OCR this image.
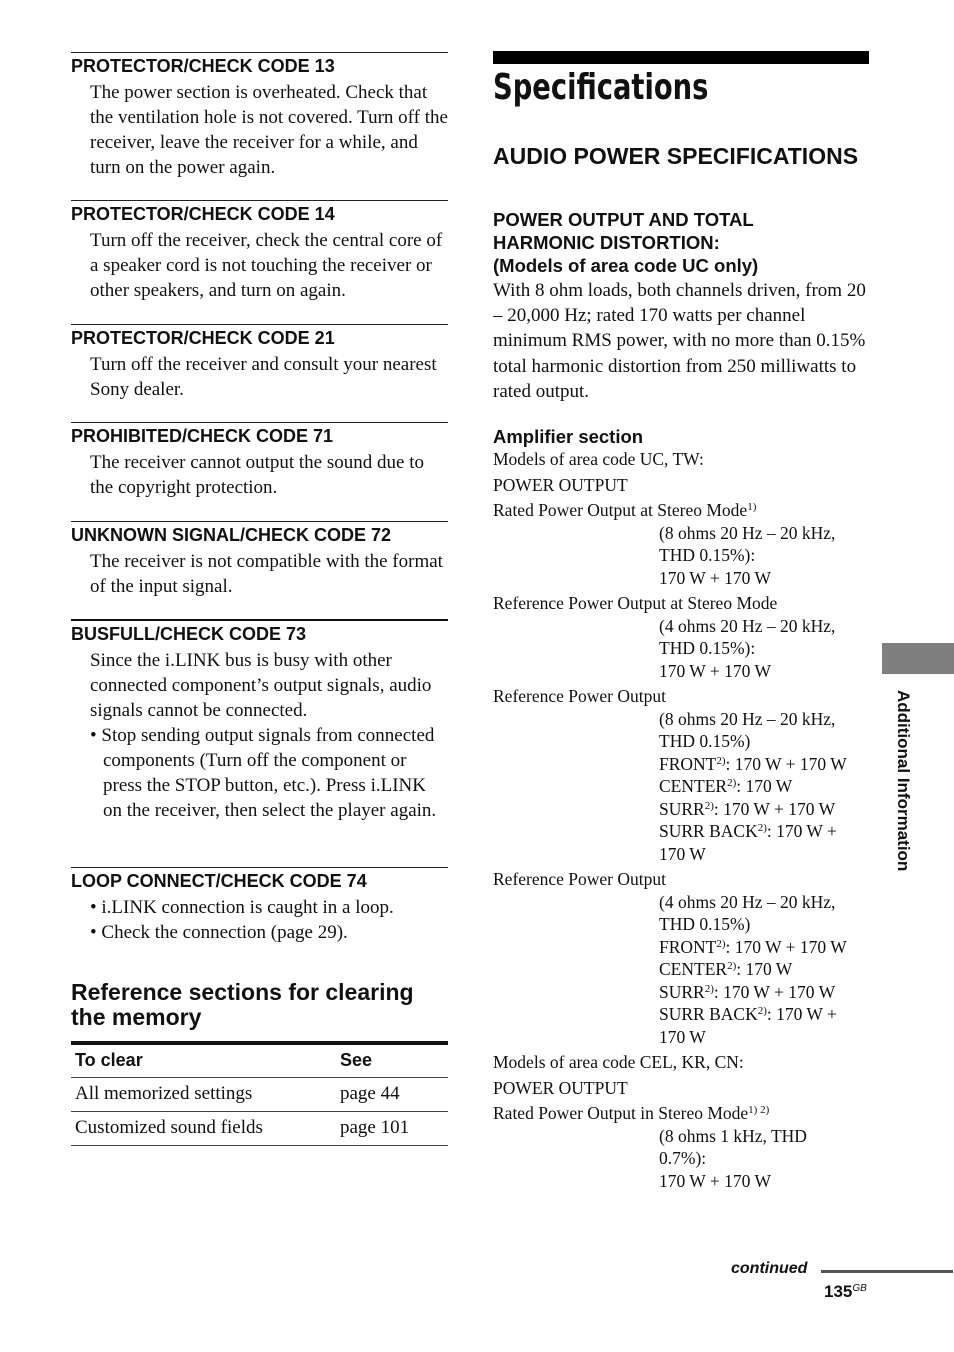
PROTECTOR/CHECK CODE 13
The power section is overheated. Check that the ventilation hole is not covered. Turn off the receiver, leave the receiver for a while, and turn on the power again.
PROTECTOR/CHECK CODE 14
Turn off the receiver, check the central core of a speaker cord is not touching the receiver or other speakers, and turn on again.
PROTECTOR/CHECK CODE 21
Turn off the receiver and consult your nearest Sony dealer.
PROHIBITED/CHECK CODE 71
The receiver cannot output the sound due to the copyright protection.
UNKNOWN SIGNAL/CHECK CODE 72
The receiver is not compatible with the format of the input signal.
BUSFULL/CHECK CODE 73

Since the i.LINK bus is busy with other connected component’s output signals, audio signals cannot be connected.

• Stop sending output signals from connected components (Turn off the component or press the STOP button, etc.). Press i.LINK on the receiver, then select the player again.

LOOP CONNECT/CHECK CODE 74

• i.LINK connection is caught in a loop.

• Check the connection (page 29).

Reference sections for clearing the memory
To clear	See
All memorized settings	page 44
Customized sound fields	page 101
Specifications
AUDIO POWER SPECIFICATIONS
POWER OUTPUT AND TOTAL
HARMONIC DISTORTION:
(Models of area code UC only)
With 8 ohm loads, both channels driven, from 20 – 20,000 Hz; rated 170 watts per channel minimum RMS power, with no more than 0.15% total harmonic distortion from 250 milliwatts to rated output.
Amplifier section

Models of area code UC, TW:

POWER OUTPUT

Rated Power Output at Stereo Mode$^{1)}$

(8 ohms 20 Hz – 20 kHz,

THD 0.15%):

170 W + 170 W

Reference Power Output at Stereo Mode

(4 ohms 20 Hz – 20 kHz,

THD 0.15%):

170 W + 170 W

Reference Power Output

(8 ohms 20 Hz – 20 kHz,

THD 0.15%)

FRONT$^{2)}$: 170 W + 170 W

CENTER$^{2)}$: 170 W

SURR$^{2)}$: 170 W + 170 W

SURR BACK$^{2)}$: 170 W +

170 W

Reference Power Output

(4 ohms 20 Hz – 20 kHz,

THD 0.15%)

FRONT$^{2)}$: 170 W + 170 W

CENTER$^{2)}$: 170 W

SURR$^{2)}$: 170 W + 170 W

SURR BACK$^{2)}$: 170 W +

170 W

Models of area code CEL, KR, CN:

POWER OUTPUT

Rated Power Output in Stereo Mode$^{1) 2)}$

(8 ohms 1 kHz, THD

0.7%):

170 W + 170 W

Additional Information
continued
$135^{GB}$
